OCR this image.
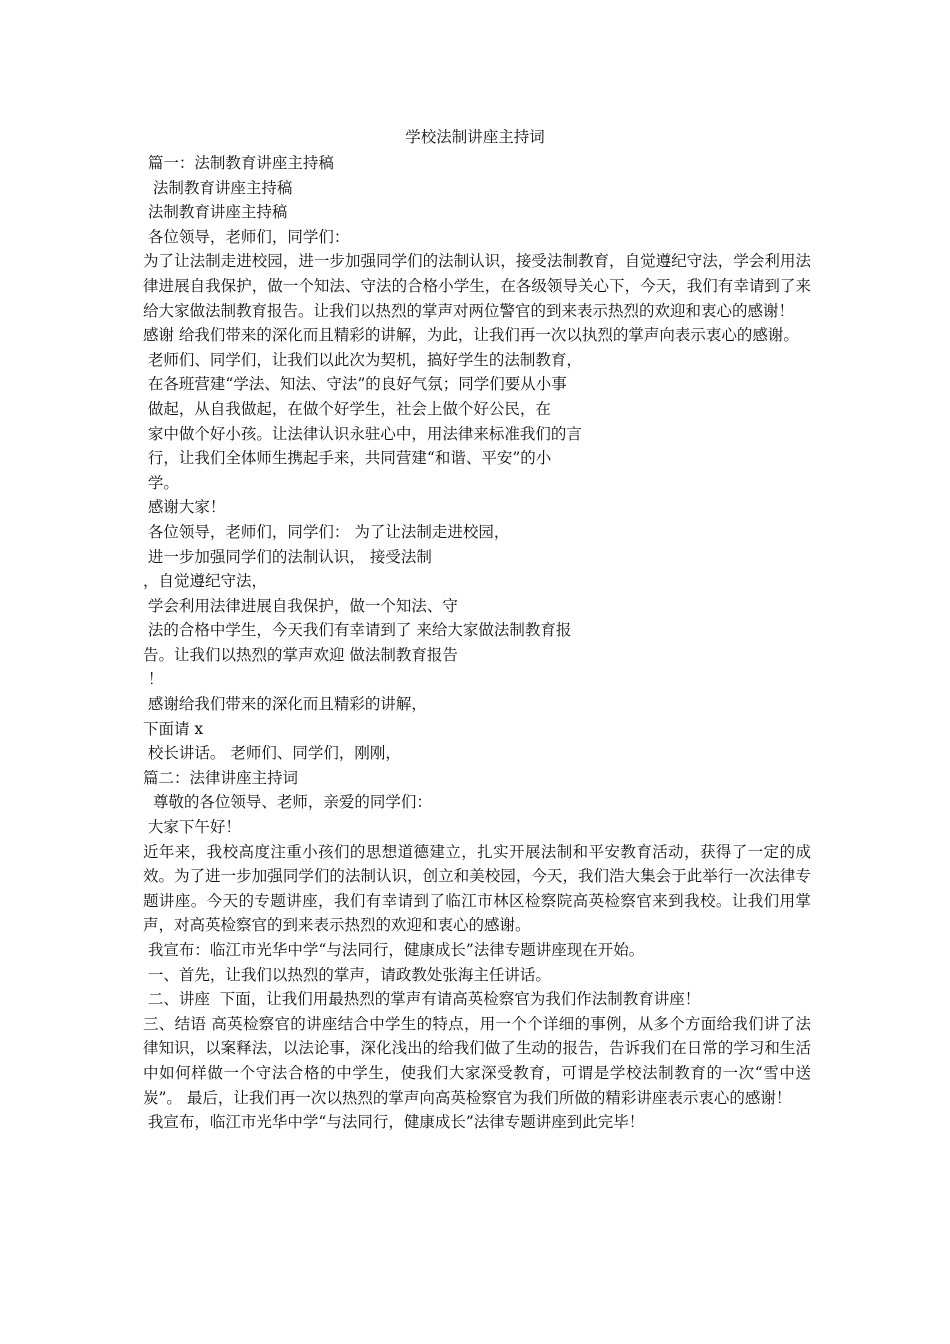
学校法制讲座主持词

篇一：法制教育讲座主持稿

法制教育讲座主持稿

法制教育讲座主持稿

各位领导，老师们，同学们：

为了让法制走进校园，进一步加强同学们的法制认识，接受法制教育，自觉遵纪守法，学会利用法律进展自我保护，做一个知法、守法的合格小学生，在各级领导关心下，今天，我们有幸请到了来给大家做法制教育报告。让我们以热烈的掌声对两位警官的到来表示热烈的欢迎和衷心的感谢！

感谢 给我们带来的深化而且精彩的讲解，为此，让我们再一次以执烈的掌声向表示衷心的感谢。

老师们、同学们，让我们以此次为契机，搞好学生的法制教育，

在各班营建“学法、知法、守法”的良好气氛；同学们要从小事

做起，从自我做起，在做个好学生，社会上做个好公民，在

家中做个好小孩。让法律认识永驻心中，用法律来标准我们的言

行，让我们全体师生携起手来，共同营建“和谐、平安”的小

学。

感谢大家！

各位领导，老师们，同学们： 为了让法制走进校园，

进一步加强同学们的法制认识， 接受法制

，自觉遵纪守法，

学会利用法律进展自我保护，做一个知法、守

法的合格中学生，今天我们有幸请到了 来给大家做法制教育报

告。让我们以热烈的掌声欢迎 做法制教育报告

！

感谢给我们带来的深化而且精彩的讲解，

下面请 x

校长讲话。 老师们、同学们，刚刚，

篇二：法律讲座主持词

尊敬的各位领导、老师，亲爱的同学们：

大家下午好！

近年来，我校高度注重小孩们的思想道德建立，扎实开展法制和平安教育活动，获得了一定的成效。为了进一步加强同学们的法制认识，创立和美校园，今天，我们浩大集会于此举行一次法律专题讲座。今天的专题讲座，我们有幸请到了临江市林区检察院高英检察官来到我校。让我们用掌声，对高英检察官的到来表示热烈的欢迎和衷心的感谢。

我宣布：临江市光华中学“与法同行，健康成长”法律专题讲座现在开始。

一、首先，让我们以热烈的掌声，请政教处张海主任讲话。

二、讲座  下面，让我们用最热烈的掌声有请高英检察官为我们作法制教育讲座！

三、结语 高英检察官的讲座结合中学生的特点，用一个个详细的事例，从多个方面给我们讲了法律知识，以案释法，以法论事，深化浅出的给我们做了生动的报告，告诉我们在日常的学习和生活中如何样做一个守法合格的中学生，使我们大家深受教育，可谓是学校法制教育的一次“雪中送炭”。 最后，让我们再一次以热烈的掌声向高英检察官为我们所做的精彩讲座表示衷心的感谢！

我宣布，临江市光华中学“与法同行，健康成长”法律专题讲座到此完毕！
